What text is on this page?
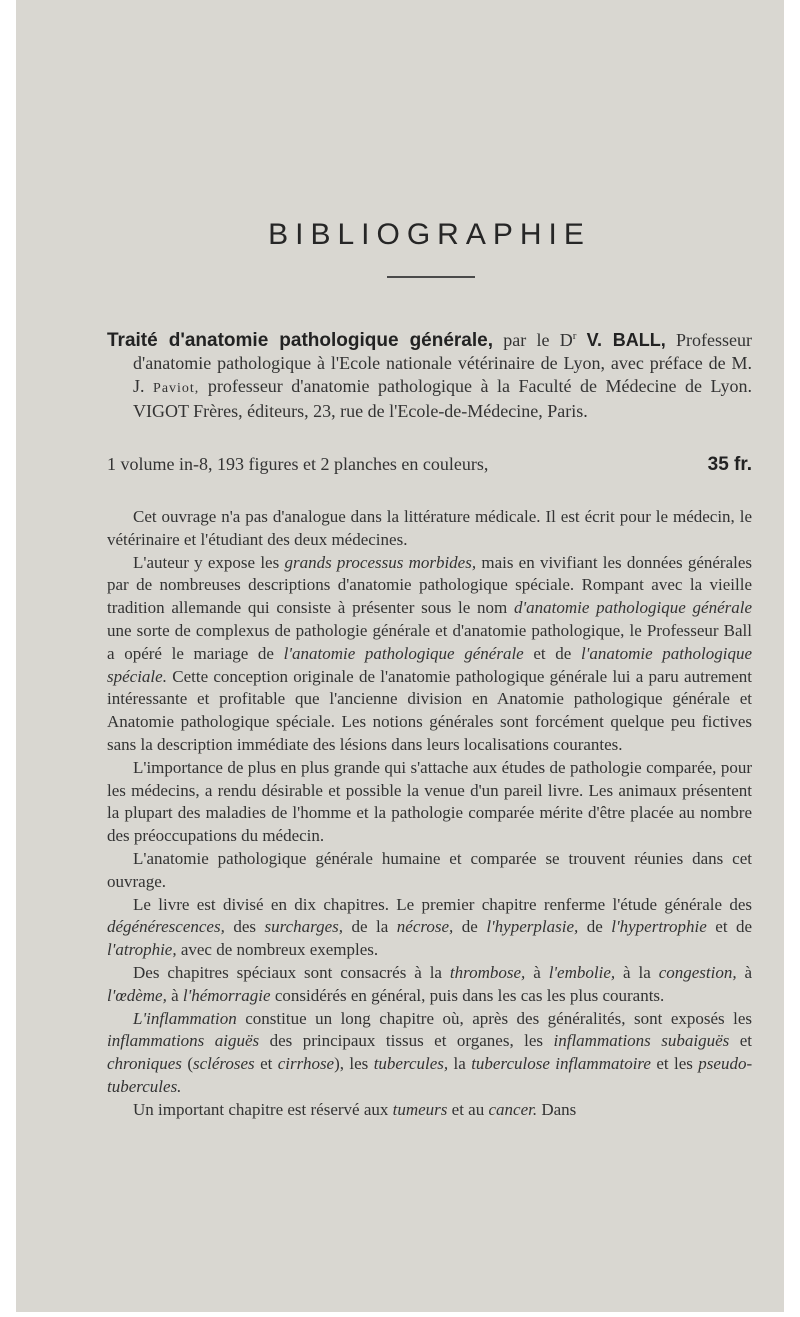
BIBLIOGRAPHIE

Traité d'anatomie pathologique générale, par le $D^r$ V. BALL, Professeur d'anatomie pathologique à l'Ecole nationale vétérinaire de Lyon, avec préface de M. J. Paviot, professeur d'anatomie pathologique à la Faculté de Médecine de Lyon. VIGOT Frères, éditeurs, 23, rue de l'Ecole-de-Médecine, Paris.

1 volume in-8, 193 figures et 2 planches en couleurs,	35 fr.

Cet ouvrage n'a pas d'analogue dans la littérature médicale. Il est écrit pour le médecin, le vétérinaire et l'étudiant des deux médecines.

L'auteur y expose les grands processus morbides, mais en vivifiant les données générales par de nombreuses descriptions d'anatomie pathologique spéciale. Rompant avec la vieille tradition allemande qui consiste à présenter sous le nom d'anatomie pathologique générale une sorte de complexus de pathologie générale et d'anatomie pathologique, le Professeur Ball a opéré le mariage de l'anatomie pathologique générale et de l'anatomie pathologique spéciale. Cette conception originale de l'anatomie pathologique générale lui a paru autrement intéressante et profitable que l'ancienne division en Anatomie pathologique générale et Anatomie pathologique spéciale. Les notions générales sont forcément quelque peu fictives sans la description immédiate des lésions dans leurs localisations courantes.

L'importance de plus en plus grande qui s'attache aux études de pathologie comparée, pour les médecins, a rendu désirable et possible la venue d'un pareil livre. Les animaux présentent la plupart des maladies de l'homme et la pathologie comparée mérite d'être placée au nombre des préoccupations du médecin.

L'anatomie pathologique générale humaine et comparée se trouvent réunies dans cet ouvrage.

Le livre est divisé en dix chapitres. Le premier chapitre renferme l'étude générale des dégénérescences, des surcharges, de la nécrose, de l'hyperplasie, de l'hypertrophie et de l'atrophie, avec de nombreux exemples.

Des chapitres spéciaux sont consacrés à la thrombose, à l'embolie, à la congestion, à l'œdème, à l'hémorragie considérés en général, puis dans les cas les plus courants.

L'inflammation constitue un long chapitre où, après des généralités, sont exposés les inflammations aiguës des principaux tissus et organes, les inflammations subaiguës et chroniques (scléroses et cirrhose), les tubercules, la tuberculose inflammatoire et les pseudo-tubercules.

Un important chapitre est réservé aux tumeurs et au cancer. Dans
